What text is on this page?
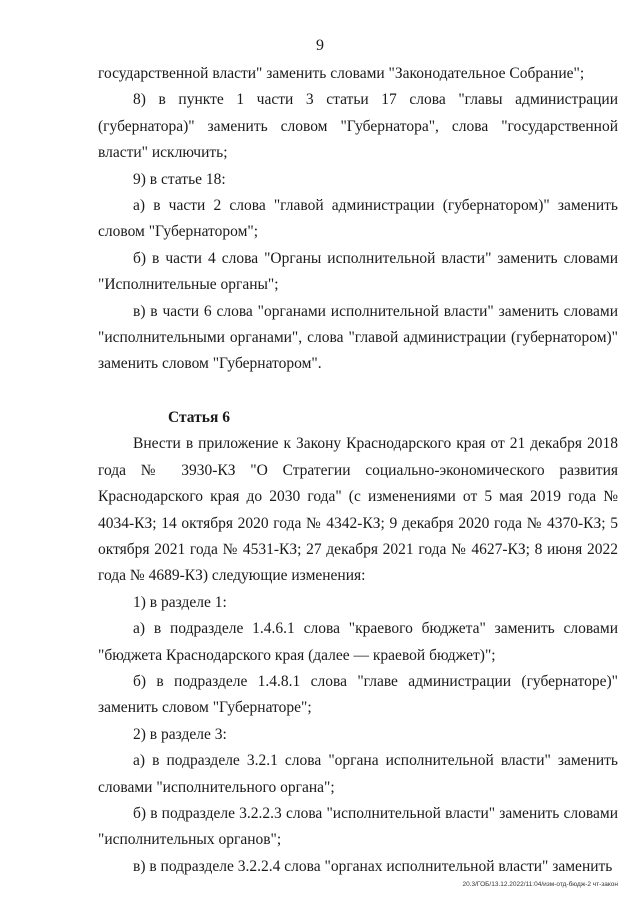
9

государственной власти" заменить словами "Законодательное Собрание";

8) в пункте 1 части 3 статьи 17 слова "главы администрации (губернатора)" заменить словом "Губернатора", слова "государственной власти" исключить;

9) в статье 18:

а) в части 2 слова "главой администрации (губернатором)" заменить словом "Губернатором";

б) в части 4 слова "Органы исполнительной власти" заменить словами "Исполнительные органы";

в) в части 6 слова "органами исполнительной власти" заменить словами "исполнительными органами", слова "главой администрации (губернатором)" заменить словом "Губернатором".

Статья 6

Внести в приложение к Закону Краснодарского края от 21 декабря 2018 года № 3930-КЗ "О Стратегии социально-экономического развития Краснодарского края до 2030 года" (с изменениями от 5 мая 2019 года № 4034-КЗ; 14 октября 2020 года № 4342-КЗ; 9 декабря 2020 года № 4370-КЗ; 5 октября 2021 года № 4531-КЗ; 27 декабря 2021 года № 4627-КЗ; 8 июня 2022 года № 4689-КЗ) следующие изменения:

1) в разделе 1:

а) в подразделе 1.4.6.1 слова "краевого бюджета" заменить словами "бюджета Краснодарского края (далее — краевой бюджет)";

б) в подразделе 1.4.8.1 слова "главе администрации (губернаторе)" заменить словом "Губернаторе";

2) в разделе 3:

а) в подразделе 3.2.1 слова "органа исполнительной власти" заменить словами "исполнительного органа";

б) в подразделе 3.2.2.3 слова "исполнительной власти" заменить словами "исполнительных органов";

в) в подразделе 3.2.2.4 слова "органах исполнительной власти" заменить

20.3/ГОБ/13.12.2022/11:04/изм-отд-бюдж-2 чт-закон
